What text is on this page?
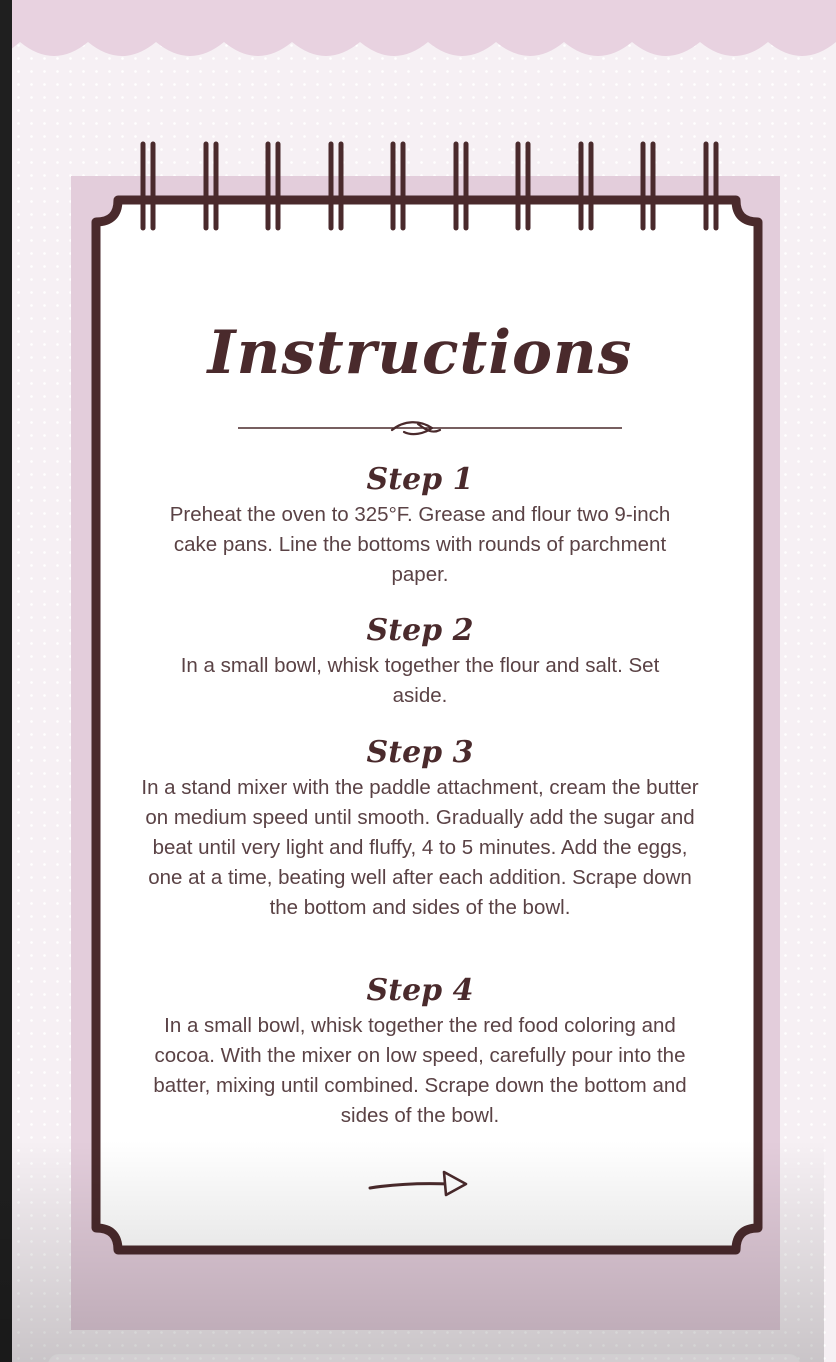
Instructions
Step 1

Preheat the oven to 325°F. Grease and flour two 9-inch cake pans. Line the bottoms with rounds of parchment paper.

Step 2

In a small bowl, whisk together the flour and salt. Set aside.

Step 3

In a stand mixer with the paddle attachment, cream the butter on medium speed until smooth. Gradually add the sugar and beat until very light and fluffy, 4 to 5 minutes. Add the eggs, one at a time, beating well after each addition. Scrape down the bottom and sides of the bowl.

Step 4

In a small bowl, whisk together the red food coloring and cocoa. With the mixer on low speed, carefully pour into the batter, mixing until combined. Scrape down the bottom and sides of the bowl.
